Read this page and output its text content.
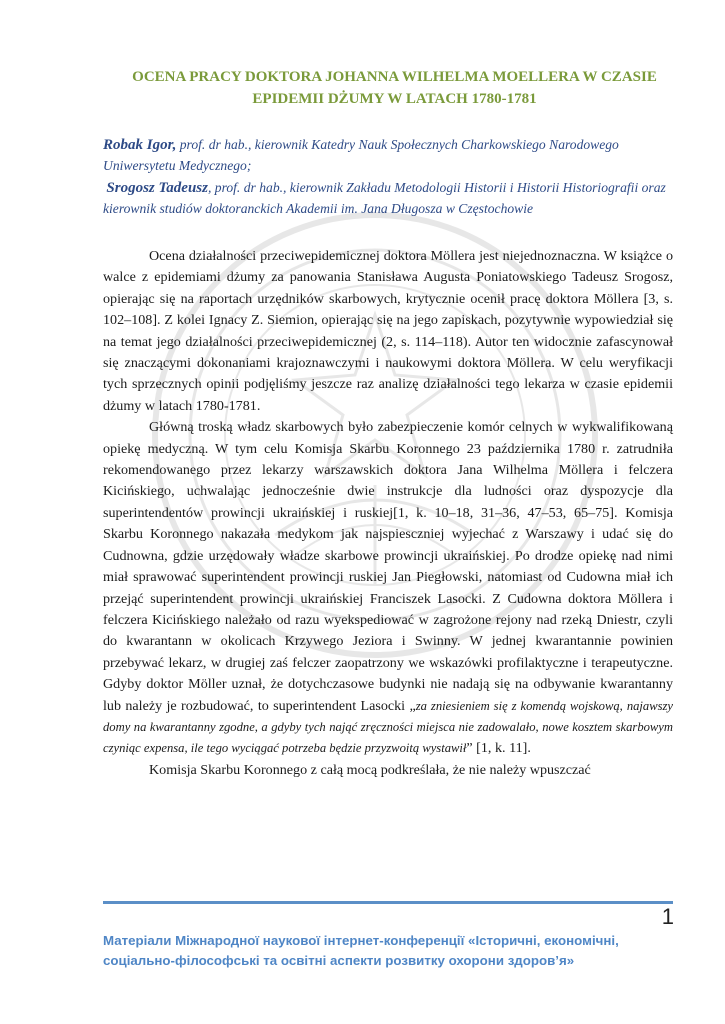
OCENA PRACY DOKTORA JOHANNA WILHELMA MOELLERA W CZASIE EPIDEMII DŻUMY W LATACH 1780-1781

Robak Igor, prof. dr hab., kierownik Katedry Nauk Społecznych Charkowskiego Narodowego Uniwersytetu Medycznego;

Srogosz Tadeusz, prof. dr hab., kierownik Zakładu Metodologii Historii i Historii Historiografii oraz kierownik studiów doktoranckich Akademii im. Jana Długosza w Częstochowie

Ocena działalności przeciwepidemicznej doktora Möllera jest niejednoznaczna. W książce o walce z epidemiami dżumy za panowania Stanisława Augusta Poniatowskiego Tadeusz Srogosz, opierając się na raportach urzędników skarbowych, krytycznie ocenił pracę doktora Möllera [3, s. 102–108]. Z kolei Ignacy Z. Siemion, opierając się na jego zapiskach, pozytywnie wypowiedział się na temat jego działalności przeciwepidemicznej (2, s. 114–118). Autor ten widocznie zafascynował się znaczącymi dokonaniami krajoznawczymi i naukowymi doktora Möllera. W celu weryfikacji tych sprzecznych opinii podjęliśmy jeszcze raz analizę działalności tego lekarza w czasie epidemii dżumy w latach 1780-1781.

Główną troską władz skarbowych było zabezpieczenie komór celnych w wykwalifikowaną opiekę medyczną. W tym celu Komisja Skarbu Koronnego 23 października 1780 r. zatrudniła rekomendowanego przez lekarzy warszawskich doktora Jana Wilhelma Möllera i felczera Kicińskiego, uchwalając jednocześnie dwie instrukcje dla ludności oraz dyspozycje dla superintendentów prowincji ukraińskiej i ruskiej[1, k. 10–18, 31–36, 47–53, 65–75]. Komisja Skarbu Koronnego nakazała medykom jak najspiesczniej wyjechać z Warszawy i udać się do Cudnowna, gdzie urzędowały władze skarbowe prowincji ukraińskiej. Po drodze opiekę nad nimi miał sprawować superintendent prowincji ruskiej Jan Piegłowski, natomiast od Cudowna miał ich przejąć superintendent prowincji ukraińskiej Franciszek Lasocki. Z Cudowna doktora Möllera i felczera Kicińskiego należało od razu wyekspediować w zagrożone rejony nad rzeką Dniestr, czyli do kwarantann w okolicach Krzywego Jeziora i Swinny. W jednej kwarantannie powinien przebywać lekarz, w drugiej zaś felczer zaopatrzony we wskazówki profilaktyczne i terapeutyczne. Gdyby doktor Möller uznał, że dotychczasowe budynki nie nadają się na odbywanie kwarantanny lub należy je rozbudować, to superintendent Lasocki „za zniesieniem się z komendą wojskową, najawszy domy na kwarantanny zgodne, a gdyby tych nająć zręczności miejsca nie zadowalało, nowe kosztem skarbowym czyniąc expensa, ile tego wyciągać potrzeba będzie przyzwoitą wystawił” [1, k. 11].

Komisja Skarbu Koronnego z całą mocą podkreślała, że nie należy wpuszczać

1
Матеріали Міжнародної наукової інтернет-конференції «Історичні, економічні, соціально-філософські та освітні аспекти розвитку охорони здоров’я»
